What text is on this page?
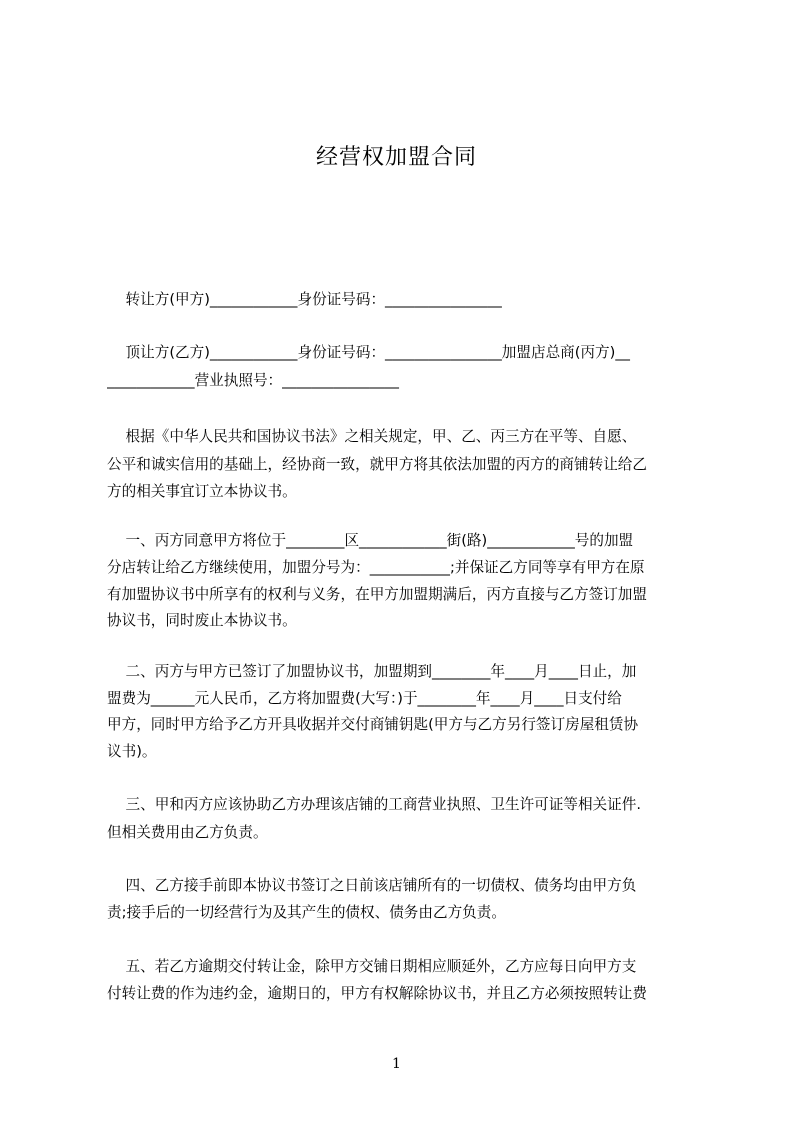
经营权加盟合同
转让方(甲方)____________身份证号码：________________
顶让方(乙方)____________身份证号码：________________加盟店总商(丙方)__
____________营业执照号：________________
根据《中华人民共和国协议书法》之相关规定，甲、乙、丙三方在平等、自愿、
公平和诚实信用的基础上，经协商一致，就甲方将其依法加盟的丙方的商铺转让给乙
方的相关事宜订立本协议书。
一、丙方同意甲方将位于________区____________街(路)____________号的加盟
分店转让给乙方继续使用，加盟分号为：___________;并保证乙方同等享有甲方在原
有加盟协议书中所享有的权利与义务，在甲方加盟期满后，丙方直接与乙方签订加盟
协议书，同时废止本协议书。
二、丙方与甲方已签订了加盟协议书，加盟期到________年____月____日止，加
盟费为______元人民币，乙方将加盟费(大写：)于________年____月____日支付给
甲方，同时甲方给予乙方开具收据并交付商铺钥匙(甲方与乙方另行签订房屋租赁协
议书)。
三、甲和丙方应该协助乙方办理该店铺的工商营业执照、卫生许可证等相关证件.
但相关费用由乙方负责。
四、乙方接手前即本协议书签订之日前该店铺所有的一切债权、债务均由甲方负
责;接手后的一切经营行为及其产生的债权、债务由乙方负责。
五、若乙方逾期交付转让金，除甲方交铺日期相应顺延外，乙方应每日向甲方支
付转让费的作为违约金，逾期日的，甲方有权解除协议书，并且乙方必须按照转让费
1
